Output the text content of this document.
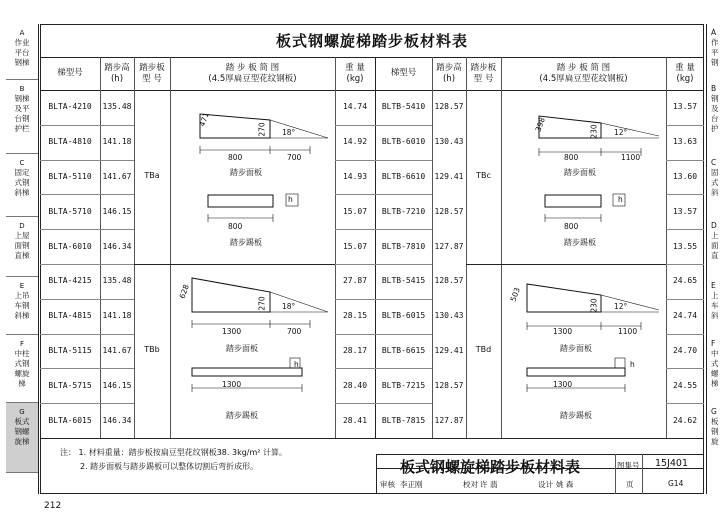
A
作业
平台
钢梯
B
钢梯
及平
台钢
护栏
C
固定
式钢
斜梯
D
上屋
面钢
直梯
E
上吊
车钢
斜梯
F
中柱
式钢
螺旋
梯
G
板式
钢螺
旋梯
A
作
平
钢
B
钢
及
台
护
C
固
式
斜
D
上
面
直
E
上
车
斜
F
中
式
螺
梯
G
板
钢
旋
板式钢螺旋梯踏步板材料表
梯型号	踏步高
(h)
踏步板
型 号
踏 步 板 简 图
(4.5厚扁豆型花纹钢板)
重 量
(kg)
梯型号	踏步高
(h)
踏步板
型 号
踏 步 板 简 图
(4.5厚扁豆型花纹钢板)
重 量
(kg)
BLTA-4210	135.48	14.74	BLTB-5410	128.57	13.57
BLTA-4810	141.18	14.92	BLTB-6010	130.43	13.63
BLTA-5110	141.67	14.93	BLTB-6610	129.41	13.60
BLTA-5710	146.15	15.07	BLTB-7210	128.57	13.57
BLTA-6010	146.34	15.07	BLTB-7810	127.87	13.55
BLTA-4215	135.48	27.87	BLTB-5415	128.57	24.65
BLTA-4815	141.18	28.15	BLTB-6015	130.43	24.74
BLTA-5115	141.67	28.17	BLTB-6615	129.41	24.70
BLTA-5715	146.15	28.40	BLTB-7215	128.57	24.55
BLTA-6015	146.34	28.41	BLTB-7815	127.87	24.62
TBa
TBb
TBc
TBd
471
270 18°
800	700
踏步面板
h
800
踏步踢板
628
270 18°
1300	700
踏步面板
h
1300
踏步踢板
398	230 12°
800	1100
踏步面板
h
800
踏步踢板
503
230 12°
1300	1100
踏步面板
h
1300
踏步踢板
注： 1. 材料重量：踏步板按扁豆型花纹钢板38. 3kg/m² 计算。
2. 踏步面板与踏步踢板可以整体切割后弯折成形。	板式钢螺旋梯踏步板材料表	图集号 15J401
审核 李正刚	校对 许 翡	设计 姚 森	页	G14
212
